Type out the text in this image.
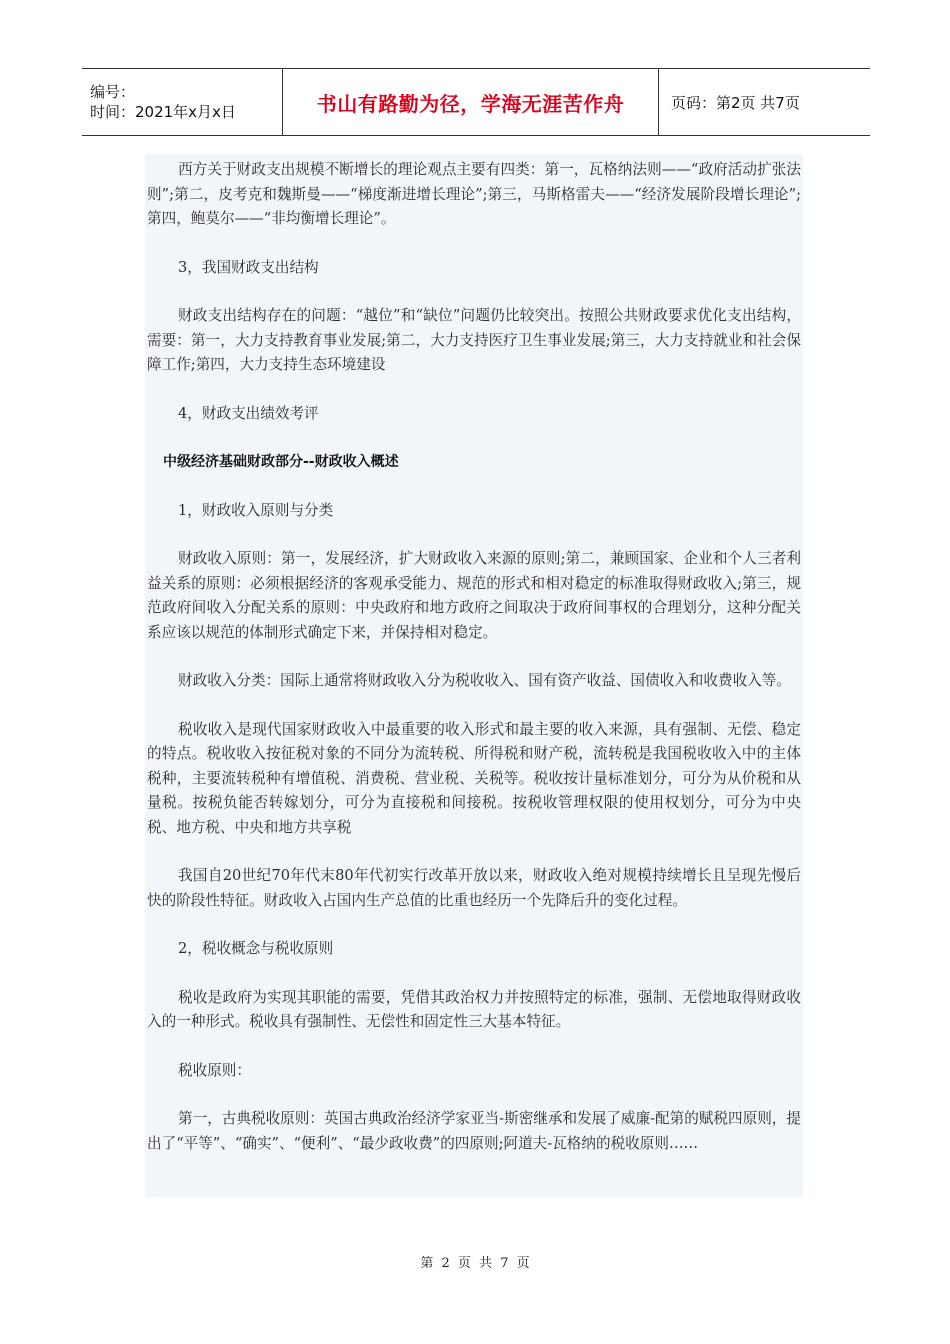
编号：
时间：2021年x月x日	书山有路勤为径，学海无涯苦作舟	页码：第2页 共7页

西方关于财政支出规模不断增长的理论观点主要有四类：第一，瓦格纳法则——“政府活动扩张法则”;第二，皮考克和魏斯曼——“梯度渐进增长理论”;第三，马斯格雷夫——“经济发展阶段增长理论”;第四，鲍莫尔——“非均衡增长理论”。

3，我国财政支出结构

财政支出结构存在的问题：“越位”和“缺位”问题仍比较突出。按照公共财政要求优化支出结构，需要：第一，大力支持教育事业发展;第二，大力支持医疗卫生事业发展;第三，大力支持就业和社会保障工作;第四，大力支持生态环境建设

4，财政支出绩效考评

中级经济基础财政部分--财政收入概述

1，财政收入原则与分类

财政收入原则：第一，发展经济，扩大财政收入来源的原则;第二，兼顾国家、企业和个人三者利益关系的原则：必须根据经济的客观承受能力、规范的形式和相对稳定的标准取得财政收入;第三，规范政府间收入分配关系的原则：中央政府和地方政府之间取决于政府间事权的合理划分，这种分配关系应该以规范的体制形式确定下来，并保持相对稳定。

财政收入分类：国际上通常将财政收入分为税收收入、国有资产收益、国债收入和收费收入等。

税收收入是现代国家财政收入中最重要的收入形式和最主要的收入来源，具有强制、无偿、稳定的特点。税收收入按征税对象的不同分为流转税、所得税和财产税，流转税是我国税收收入中的主体税种，主要流转税种有增值税、消费税、营业税、关税等。税收按计量标准划分，可分为从价税和从量税。按税负能否转嫁划分，可分为直接税和间接税。按税收管理权限的使用权划分，可分为中央税、地方税、中央和地方共享税

我国自20世纪70年代末80年代初实行改革开放以来，财政收入绝对规模持续增长且呈现先慢后快的阶段性特征。财政收入占国内生产总值的比重也经历一个先降后升的变化过程。

2，税收概念与税收原则

税收是政府为实现其职能的需要，凭借其政治权力并按照特定的标准，强制、无偿地取得财政收入的一种形式。税收具有强制性、无偿性和固定性三大基本特征。

税收原则：

第一，古典税收原则：英国古典政治经济学家亚当-斯密继承和发展了威廉-配第的赋税四原则，提出了“平等”、“确实”、“便利”、“最少政收费”的四原则;阿道夫-瓦格纳的税收原则……

第 2 页 共 7 页
